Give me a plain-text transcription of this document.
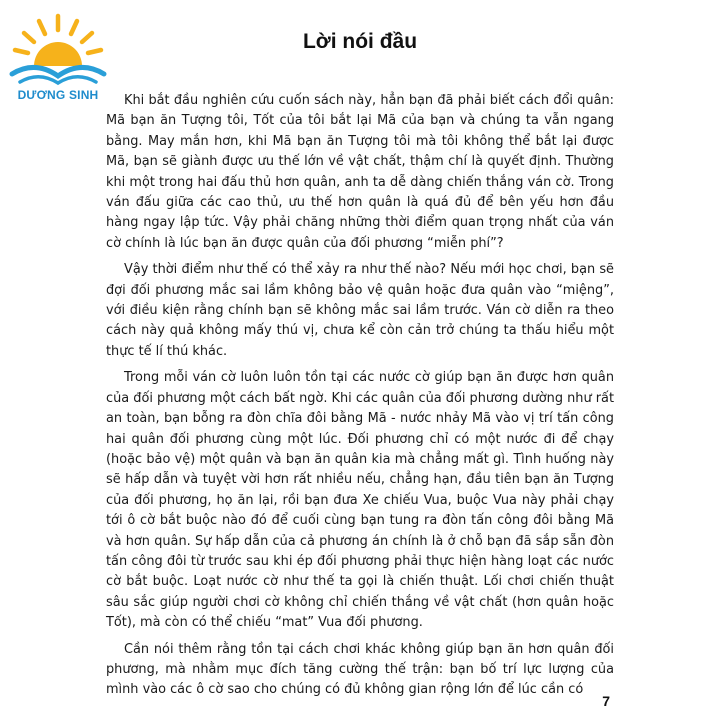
DƯƠNG SINH
Lời nói đầu

Khi bắt đầu nghiên cứu cuốn sách này, hẳn bạn đã phải biết cách đổi quân: Mã bạn ăn Tượng tôi, Tốt của tôi bắt lại Mã của bạn và chúng ta vẫn ngang bằng. May mắn hơn, khi Mã bạn ăn Tượng tôi mà tôi không thể bắt lại được Mã, bạn sẽ giành được ưu thế lớn về vật chất, thậm chí là quyết định. Thường khi một trong hai đấu thủ hơn quân, anh ta dễ dàng chiến thắng ván cờ. Trong ván đấu giữa các cao thủ, ưu thế hơn quân là quá đủ để bên yếu hơn đầu hàng ngay lập tức. Vậy phải chăng những thời điểm quan trọng nhất của ván cờ chính là lúc bạn ăn được quân của đối phương “miễn phí”?

Vậy thời điểm như thế có thể xảy ra như thế nào? Nếu mới học chơi, bạn sẽ đợi đối phương mắc sai lầm không bảo vệ quân hoặc đưa quân vào “miệng”, với điều kiện rằng chính bạn sẽ không mắc sai lầm trước. Ván cờ diễn ra theo cách này quả không mấy thú vị, chưa kể còn cản trở chúng ta thấu hiểu một thực tế lí thú khác.

Trong mỗi ván cờ luôn luôn tồn tại các nước cờ giúp bạn ăn được hơn quân của đối phương một cách bất ngờ. Khi các quân của đối phương dường như rất an toàn, bạn bỗng ra đòn chĩa đôi bằng Mã - nước nhảy Mã vào vị trí tấn công hai quân đối phương cùng một lúc. Đối phương chỉ có một nước đi để chạy (hoặc bảo vệ) một quân và bạn ăn quân kia mà chẳng mất gì. Tình huống này sẽ hấp dẫn và tuyệt vời hơn rất nhiều nếu, chẳng hạn, đầu tiên bạn ăn Tượng của đối phương, họ ăn lại, rồi bạn đưa Xe chiếu Vua, buộc Vua này phải chạy tới ô cờ bắt buộc nào đó để cuối cùng bạn tung ra đòn tấn công đôi bằng Mã và hơn quân. Sự hấp dẫn của cả phương án chính là ở chỗ bạn đã sắp sẵn đòn tấn công đôi từ trước sau khi ép đối phương phải thực hiện hàng loạt các nước cờ bắt buộc. Loạt nước cờ như thế ta gọi là chiến thuật. Lối chơi chiến thuật sâu sắc giúp người chơi cờ không chỉ chiến thắng về vật chất (hơn quân hoặc Tốt), mà còn có thể chiếu “mat” Vua đối phương.

Cần nói thêm rằng tồn tại cách chơi khác không giúp bạn ăn hơn quân đối phương, mà nhằm mục đích tăng cường thế trận: bạn bố trí lực lượng của mình vào các ô cờ sao cho chúng có đủ không gian rộng lớn để lúc cần có

7
